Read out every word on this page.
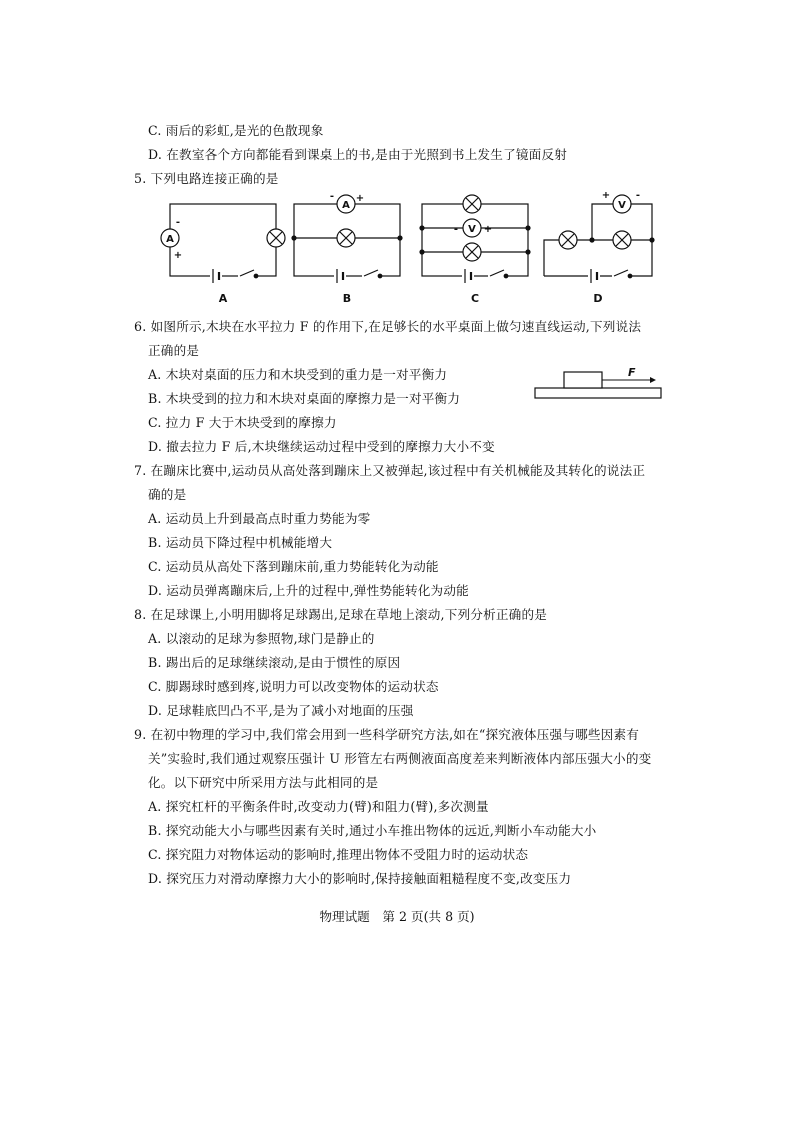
C. 雨后的彩虹,是光的色散现象
D. 在教室各个方向都能看到课桌上的书,是由于光照到书上发生了镜面反射
5. 下列电路连接正确的是
A
-
+
A
- +
V
-	+
V
+	-
A	B	C	D
6. 如图所示,木块在水平拉力 F 的作用下,在足够长的水平桌面上做匀速直线运动,下列说法
正确的是
A. 木块对桌面的压力和木块受到的重力是一对平衡力
B. 木块受到的拉力和木块对桌面的摩擦力是一对平衡力
C. 拉力 F 大于木块受到的摩擦力
D. 撤去拉力 F 后,木块继续运动过程中受到的摩擦力大小不变
F
7. 在蹦床比赛中,运动员从高处落到蹦床上又被弹起,该过程中有关机械能及其转化的说法正
确的是
A. 运动员上升到最高点时重力势能为零
B. 运动员下降过程中机械能增大
C. 运动员从高处下落到蹦床前,重力势能转化为动能
D. 运动员弹离蹦床后,上升的过程中,弹性势能转化为动能
8. 在足球课上,小明用脚将足球踢出,足球在草地上滚动,下列分析正确的是
A. 以滚动的足球为参照物,球门是静止的
B. 踢出后的足球继续滚动,是由于惯性的原因
C. 脚踢球时感到疼,说明力可以改变物体的运动状态
D. 足球鞋底凹凸不平,是为了减小对地面的压强
9. 在初中物理的学习中,我们常会用到一些科学研究方法,如在“探究液体压强与哪些因素有
关”实验时,我们通过观察压强计 U 形管左右两侧液面高度差来判断液体内部压强大小的变
化。以下研究中所采用方法与此相同的是
A. 探究杠杆的平衡条件时,改变动力(臂)和阻力(臂),多次测量
B. 探究动能大小与哪些因素有关时,通过小车推出物体的远近,判断小车动能大小
C. 探究阻力对物体运动的影响时,推理出物体不受阻力时的运动状态
D. 探究压力对滑动摩擦力大小的影响时,保持接触面粗糙程度不变,改变压力
物理试题　第 2 页(共 8 页)
